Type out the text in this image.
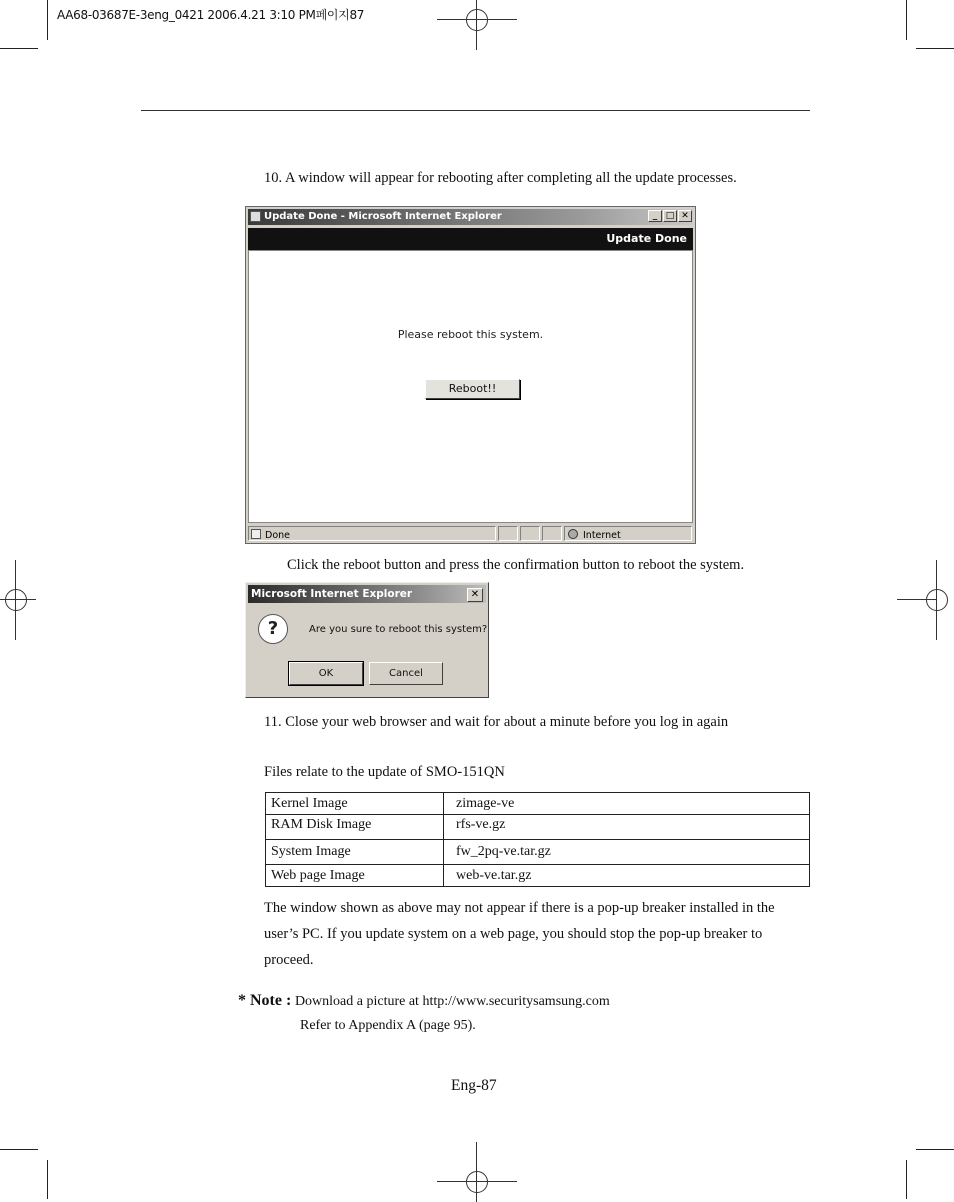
AA68-03687E-3eng_0421 2006.4.21 3:10 PM페이지87
10. A window will appear for rebooting after completing all the update processes.
Update Done - Microsoft Internet Explorer	_ □ ✕
Update Done
Please reboot this system.
Reboot!!
Done	Internet
Click the reboot button and press the confirmation button to reboot the system.
Microsoft Internet Explorer	✕
?	Are you sure to reboot this system?
OK	Cancel
11. Close your web browser and wait for about a minute before you log in again
Files relate to the update of SMO-151QN
Kernel Image	zimage-ve
RAM Disk Image	rfs-ve.gz
System Image	fw_2pq-ve.tar.gz
Web page Image	web-ve.tar.gz
The window shown as above may not appear if there is a pop-up breaker installed in the
user’s PC. If you update system on a web page, you should stop the pop-up breaker to
proceed.
* Note : Download a picture at http://www.securitysamsung.com
Refer to Appendix A (page 95).
Eng-87
